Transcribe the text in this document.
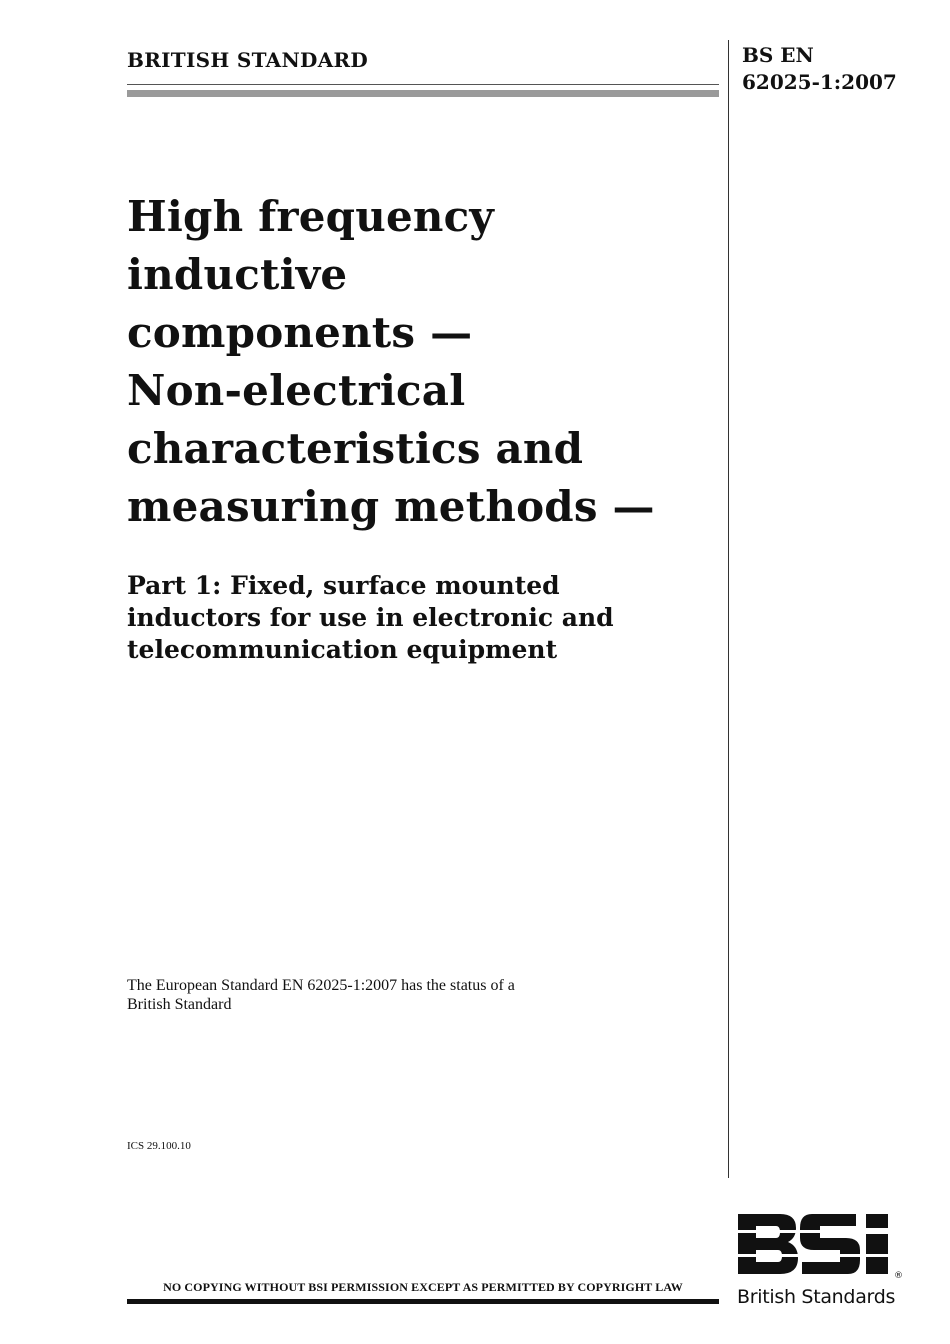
BRITISH STANDARD	BS EN
62025-1:2007
High frequency
inductive
components —
Non-electrical
characteristics and
measuring methods —
Part 1: Fixed, surface mounted
inductors for use in electronic and
telecommunication equipment
The European Standard EN 62025-1:2007 has the status of a
British Standard
ICS 29.100.10
NO COPYING WITHOUT BSI PERMISSION EXCEPT AS PERMITTED BY COPYRIGHT LAW
®
British Standards
